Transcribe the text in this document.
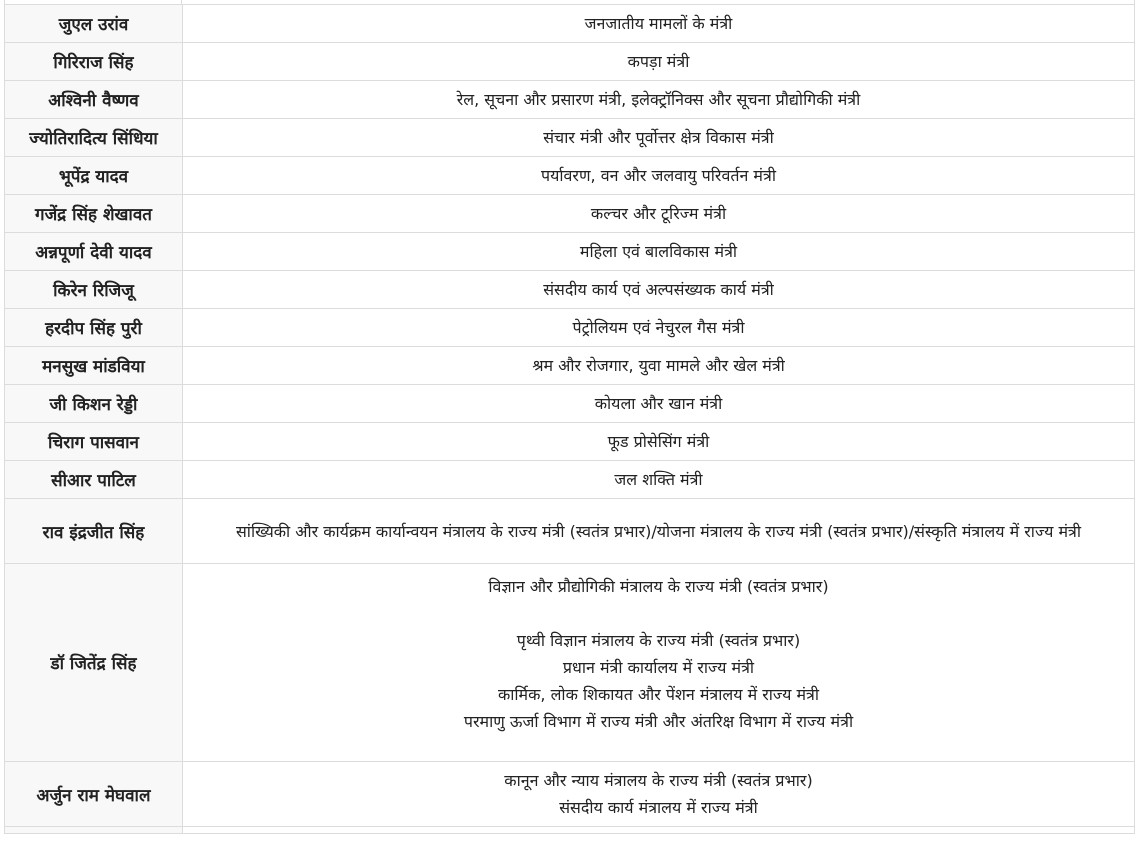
जुएल उरांव	जनजातीय मामलों के मंत्री
गिरिराज सिंह	कपड़ा मंत्री
अश्विनी वैष्णव	रेल, सूचना और प्रसारण मंत्री, इलेक्ट्रॉनिक्स और सूचना प्रौद्योगिकी मंत्री
ज्योतिरादित्य सिंधिया	संचार मंत्री और पूर्वोत्तर क्षेत्र विकास मंत्री
भूपेंद्र यादव	पर्यावरण, वन और जलवायु परिवर्तन मंत्री
गजेंद्र सिंह शेखावत	कल्चर और टूरिज्म मंत्री
अन्नपूर्णा देवी यादव	महिला एवं बालविकास मंत्री
किरेन रिजिजू	संसदीय कार्य एवं अल्पसंख्यक कार्य मंत्री
हरदीप सिंह पुरी	पेट्रोलियम एवं नेचुरल गैस मंत्री
मनसुख मांडविया	श्रम और रोजगार, युवा मामले और खेल मंत्री
जी किशन रेड्डी	कोयला और खान मंत्री
चिराग पासवान	फूड प्रोसेसिंग मंत्री
सीआर पाटिल	जल शक्ति मंत्री
राव इंद्रजीत सिंह	सांख्यिकी और कार्यक्रम कार्यान्वयन मंत्रालय के राज्य मंत्री (स्वतंत्र प्रभार)/योजना मंत्रालय के राज्य मंत्री (स्वतंत्र प्रभार)/संस्कृति मंत्रालय में राज्य मंत्री
डॉ जितेंद्र सिंह	विज्ञान और प्रौद्योगिकी मंत्रालय के राज्य मंत्री (स्वतंत्र प्रभार)
पृथ्वी विज्ञान मंत्रालय के राज्य मंत्री (स्वतंत्र प्रभार)
प्रधान मंत्री कार्यालय में राज्य मंत्री
कार्मिक, लोक शिकायत और पेंशन मंत्रालय में राज्य मंत्री
परमाणु ऊर्जा विभाग में राज्य मंत्री और अंतरिक्ष विभाग में राज्य मंत्री

अर्जुन राम मेघवाल	कानून और न्याय मंत्रालय के राज्य मंत्री (स्वतंत्र प्रभार)
संसदीय कार्य मंत्रालय में राज्य मंत्री
